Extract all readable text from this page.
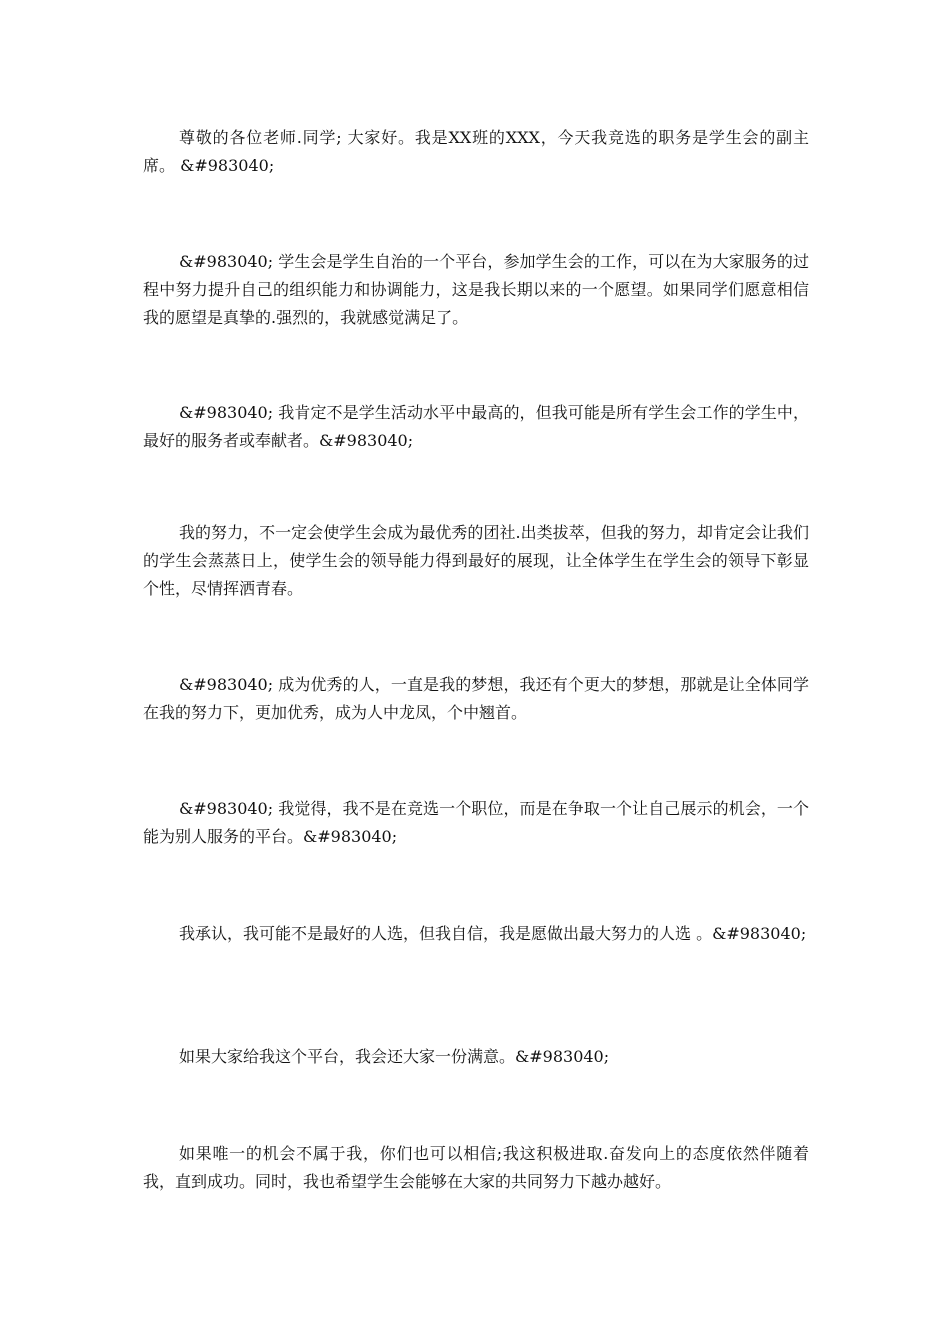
尊敬的各位老师.同学; 大家好。我是XX班的XXX，今天我竞选的职务是学生会的副主席。 &#983040;

&#983040; 学生会是学生自治的一个平台，参加学生会的工作，可以在为大家服务的过程中努力提升自己的组织能力和协调能力，这是我长期以来的一个愿望。如果同学们愿意相信我的愿望是真挚的.强烈的，我就感觉满足了。

&#983040; 我肯定不是学生活动水平中最高的，但我可能是所有学生会工作的学生中，最好的服务者或奉献者。&#983040;

我的努力，不一定会使学生会成为最优秀的团社.出类拔萃，但我的努力，却肯定会让我们的学生会蒸蒸日上，使学生会的领导能力得到最好的展现，让全体学生在学生会的领导下彰显个性，尽情挥洒青春。

&#983040; 成为优秀的人，一直是我的梦想，我还有个更大的梦想，那就是让全体同学在我的努力下，更加优秀，成为人中龙凤，个中翘首。

&#983040; 我觉得，我不是在竞选一个职位，而是在争取一个让自己展示的机会，一个能为别人服务的平台。&#983040;

我承认，我可能不是最好的人选，但我自信，我是愿做出最大努力的人选 。&#983040;

如果大家给我这个平台，我会还大家一份满意。&#983040;

如果唯一的机会不属于我，你们也可以相信;我这积极进取.奋发向上的态度依然伴随着我，直到成功。同时，我也希望学生会能够在大家的共同努力下越办越好。
